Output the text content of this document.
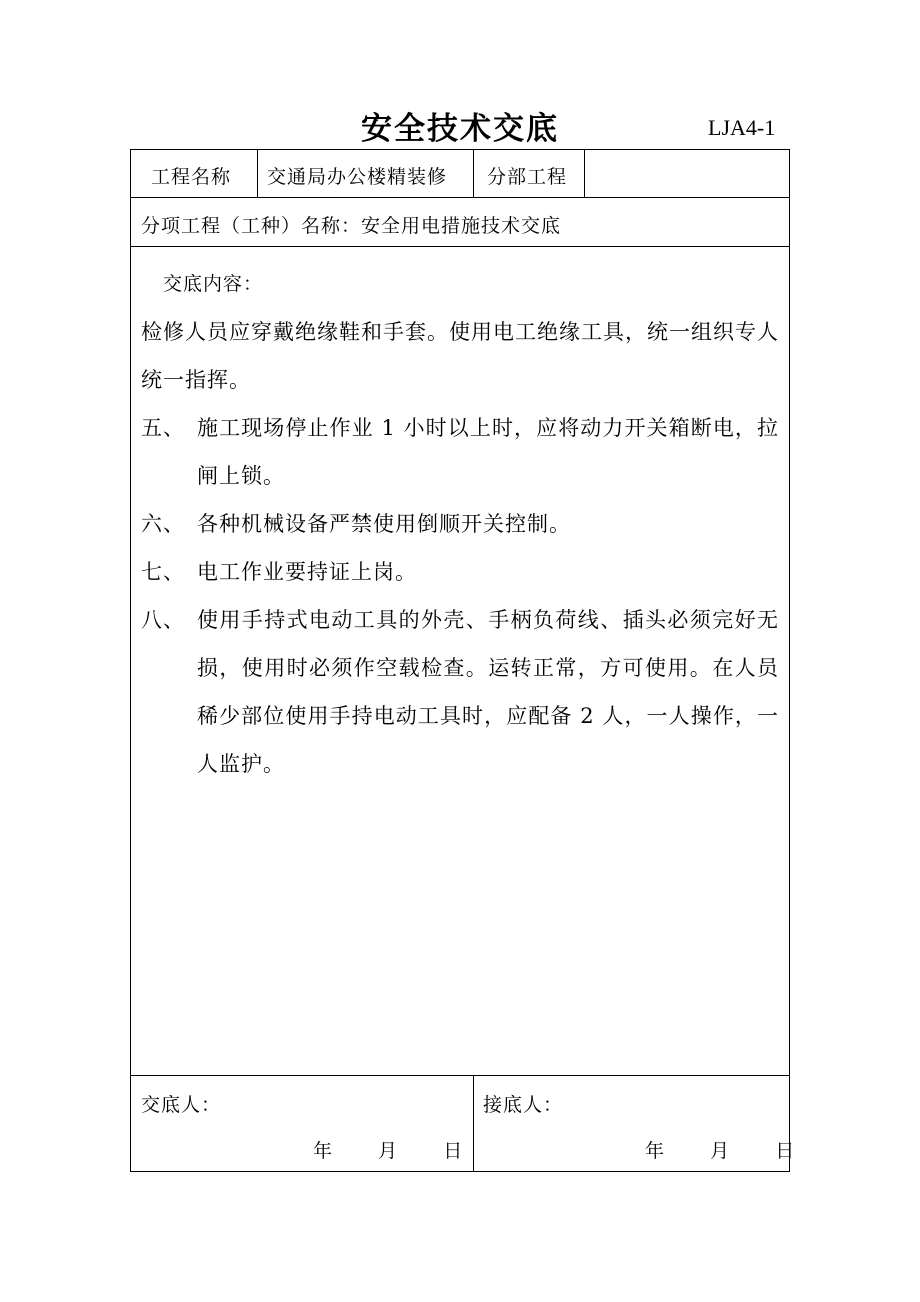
安全技术交底	LJA4-1
工程名称 交通局办公楼精装修 分部工程
分项工程（工种）名称：安全用电措施技术交底
交底内容：
检修人员应穿戴绝缘鞋和手套。使用电工绝缘工具，统一组织专人统一指挥。
五、 施工现场停止作业 1 小时以上时，应将动力开关箱断电，拉闸上锁。
六、 各种机械设备严禁使用倒顺开关控制。
七、 电工作业要持证上岗。
八、 使用手持式电动工具的外壳、手柄负荷线、插头必须完好无损，使用时必须作空载检查。运转正常，方可使用。在人员稀少部位使用手持电动工具时，应配备 2 人，一人操作，一人监护。
交底人：
年 月 日
接底人：
年 月 日
